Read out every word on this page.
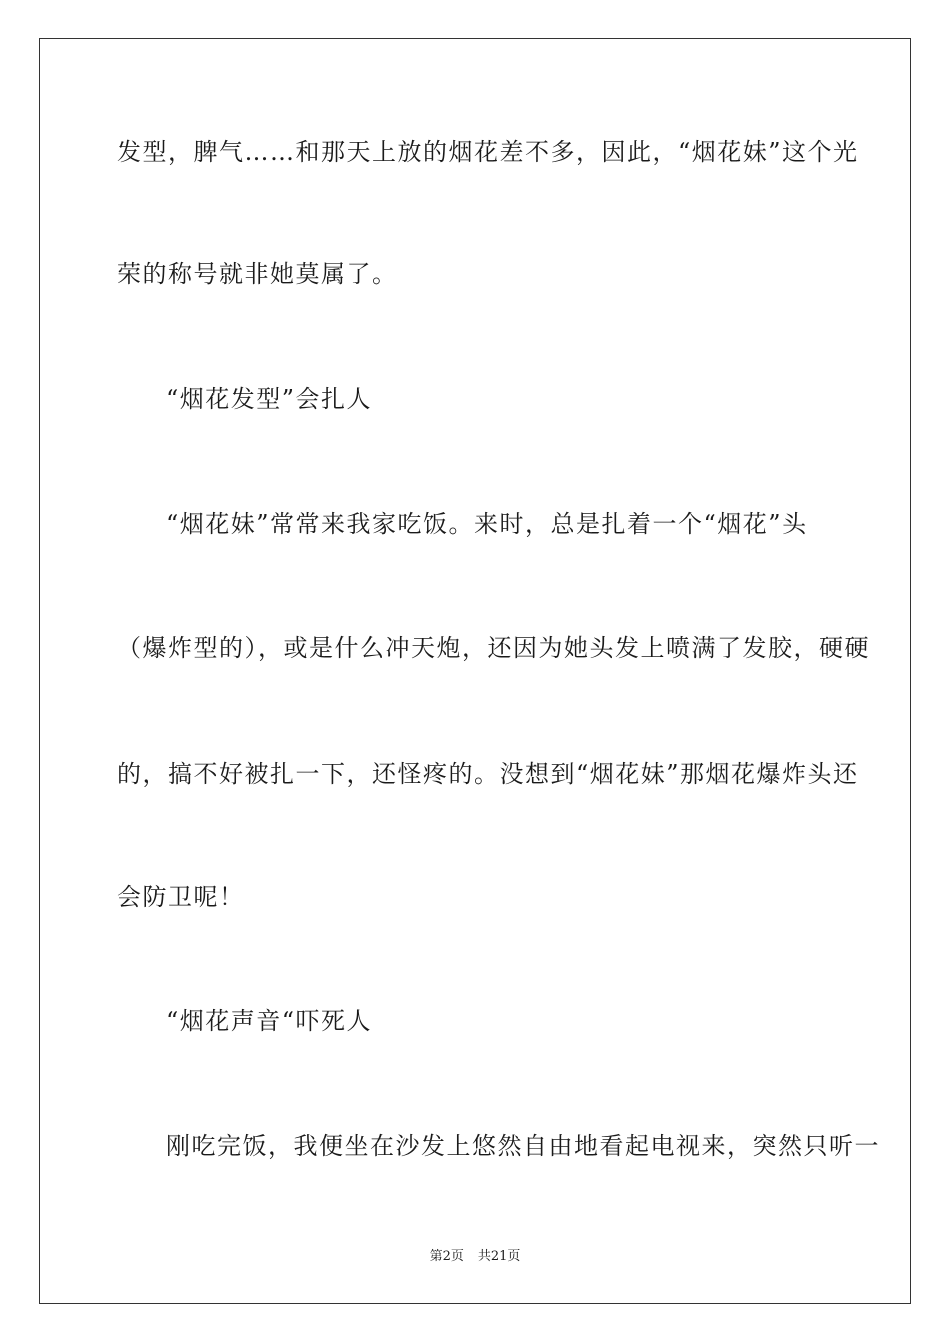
发型，脾气……和那天上放的烟花差不多，因此，“烟花妹”这个光
荣的称号就非她莫属了。
“烟花发型”会扎人
“烟花妹”常常来我家吃饭。来时，总是扎着一个“烟花”头
（爆炸型的），或是什么冲天炮，还因为她头发上喷满了发胶，硬硬
的，搞不好被扎一下，还怪疼的。没想到“烟花妹”那烟花爆炸头还
会防卫呢！
“烟花声音“吓死人
刚吃完饭，我便坐在沙发上悠然自由地看起电视来，突然只听一
第2页 共21页
